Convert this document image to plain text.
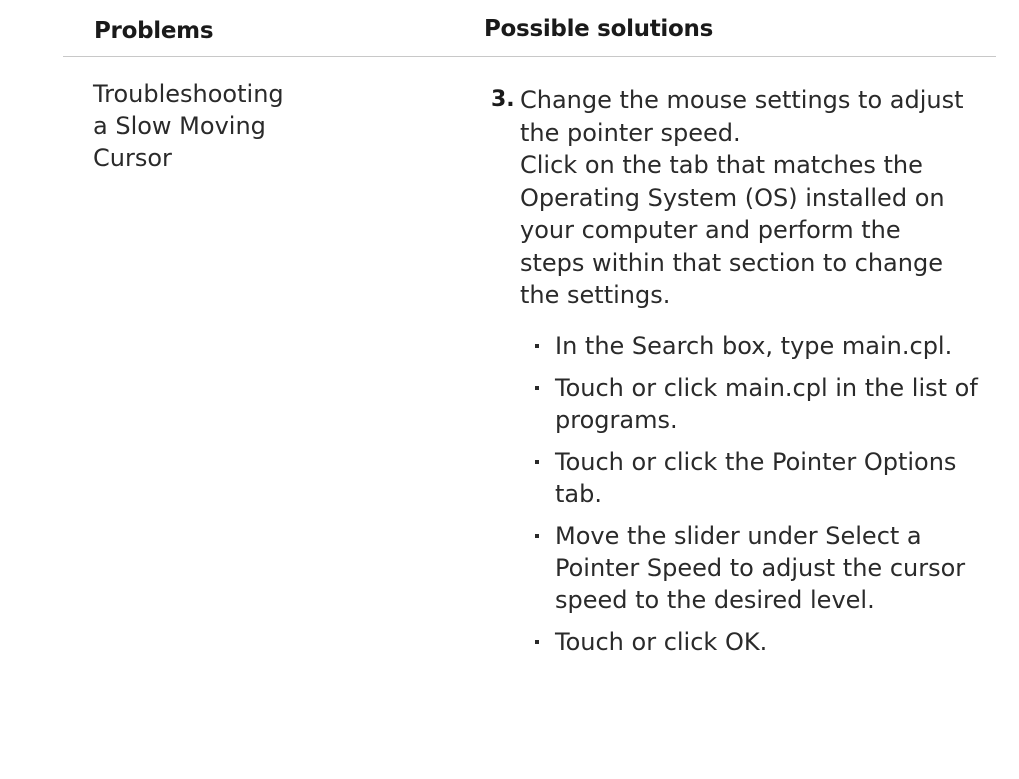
Problems	Possible solutions
Troubleshooting
a Slow Moving
Cursor
3. Change the mouse settings to adjust the pointer speed.

Click on the tab that matches the Operating System (OS) installed on your computer and perform the steps within that section to change the settings.

In the Search box, type main.cpl.
Touch or click main.cpl in the list of programs.
Touch or click the Pointer Options tab.
Move the slider under Select a Pointer Speed to adjust the cursor speed to the desired level.
Touch or click OK.
